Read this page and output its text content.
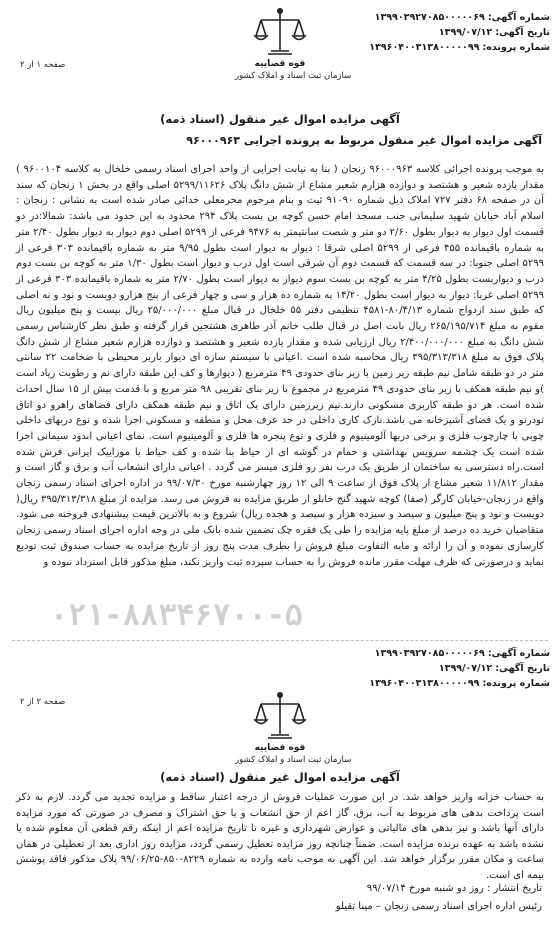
شماره آگهی: ۱۳۹۹۰۳۹۲۷۰۸۵۰۰۰۰۰۶۹
تاریخ آگهی: ۱۳۹۹/۰۷/۱۲
شماره پرونده: ۱۳۹۶۰۴۰۰۳۱۳۸۰۰۰۰۰۹۹
قوه قضاییه
سازمان ثبت اسناد و املاک کشور
صفحه ۱ از ۲
آگهی مزایده اموال غیر منقول (اسناد ذمه)
آگهی مزایده اموال غیر منقول مربوط به پرونده اجرایی ۹۶۰۰۰۹۶۳
به موجب پرونده اجرائی کلاسه ۹۶۰۰۰۹۶۳ زنجان ( بنا به نیابت اجرایی از واحد اجرای اسناد رسمی خلخال به کلاسه ۹۶۰۰۱۰۴ ) مقدار یازده شعیر و هشتصد و دوازده هزارم شعیر مشاع از شش دانگ پلاک ۵۲۹۹/۱۱۶۲۶ اصلی واقع در بخش ۱ زنجان که سند آن در صفحه ۶۸ دفتر ۷۲۷ املاک ذیل شماره ۹۱۰۹۰ ثبت و بنام مرحوم محرمعلی خدائی صادر شده است به نشانی : زنجان : اسلام آباد خیابان شهید سلیمانی جنب مسجد امام حسن کوچه بن بست پلاک ۲۹۴ محدود به این حدود می باشد: شمالا:در دو قسمت اول دیوار به دیوار بطول ۲/۶۰ دو متر و شصت سانتیمتر به ۹۴۷۶ فرعی از ۵۲۹۹ اصلی دوم دیوار به دیوار بطول ۲/۴۰ متر به شماره باقیمانده ۴۵۵ فرعی از ۵۲۹۹ اصلی شرقا : دیوار به دیوار است بطول ۹/۹۵ متر به شماره باقیمانده ۳۰۳ فرعی از ۵۲۹۹ اصلی جنوبا: در سه قسمت که قسمت دوم آن شرقی است اول درب و دیوار است بطول ۱/۳۰ متر به کوچه بن بست دوم درب و دیواربست بطول ۴/۲۵ متر به کوچه بن بست سوم دیوار به دیوار است بطول ۲/۷۰ متر به شماره باقیمانده ۳۰۳ فرعی از ۵۲۹۹ اصلی غربا: دیوار به دیوار است بطول ۱۴/۲۰ به شماره ده هزار و سی و چهار فرعی از پنج هزارو دویست و نود و نه اصلی که طبق سند ازدواج شماره ۸۰/۴/۱۳-۴۵۸۱ تنظیمی دفتر ۵۵ خلخال در قبال مبلغ ۲۵/۰۰۰/۰۰۰ ریال بیست و پنج میلیون ریال مقوم به مبلغ ۲۶۵/۱۹۵/۷۱۴ ریال بابت اصل در قبال طلب خانم آذر طاهری هشتجین قرار گرفته و طبق نظر کارشناس رسمی شش دانگ به مبلغ ۲/۴۰۰/۰۰۰/۰۰۰ ریال ارزیابی شده و مقدار یازده شعیر و هشتصد و دوازده هزارم شعیر مشاع از شش دانگ پلاک فوق به مبلغ ۳۹۵/۳۱۳/۳۱۸ ریال محاسبه شده است .اعیانی با سیستم سازه ای دیوار باربر محیطی با ضخامت ۲۲ سانتی متر در دو طبقه شامل نیم طبقه زیر زمین با زیر بنای حدودی ۴۹ مترمربع ( دیوارها و کف این طبقه دارای نم و رطوبت زیاد است )و نیم طبقه همکف با زیر بنای حدودی ۴۹ مترمربع در مجموع با زیر بنای تقریبی ۹۸ متر مربع و با قدمت بیش از ۱۵ سال احداث شده است. هر دو طبقه کاربری مسکونی دارند.نیم زیرزمین دارای یک اتاق و نیم طبقه همکف دارای فضاهای راهرو دو اتاق تودرتو و یک فضای آشپزخانه می باشد.نازک کاری داخلی در حد عرف محل و منطقه و مسکونی اجرا شده و نوع دربهای داخلی چوبی با چارچوب فلزی و برخی دربها آلومینیوم و فلزی و نوع پنجره ها فلزی و آلومینیوم است. نمای اعیانی اندود سیمانی اجرا شده است یک چشمه سرویس بهداشتی و حمام در گوشه ای از حیاط بنا شده و کف حیاط با موزاییک ایرانی فرش شده است.راه دسترسی به ساختمان از طریق یک درب نفر رو فلزی میسر می گردد . اعیانی دارای انشعاب آب و برق و گاز است و مقدار ۱۱/۸۱۲ شعیر مشاع از پلاک فوق از ساعت ۹ الی ۱۲ روز چهارشنبه مورخ ۹۹/۰۷/۳۰ در اداره اجرای اسناد رسمی زنجان واقع در زنجان-خیابان کارگر (صفا) کوچه شهید گنج خانلو از طریق مزایده به فروش می رسد. مزایده از مبلغ ۳۹۵/۳۱۳/۳۱۸ ریال( دویست و نود و پنج میلیون و سیصد و سیزده هزار و سیصد و هجده ریال) شروع و به بالاترین قیمت پیشنهادی فروخته می شود. متقاضیان خرید ده درصد از مبلغ پایه مزایده را طی یک فقره چک تضمین شده بانک ملی در وجه اداره اجرای اسناد رسمی زنجان کارسازی نموده و آن را ارائه و مابه التفاوت مبلغ فروش را بطرف مدت پنج روز از تاریخ مزایده به حساب صندوق ثبت تودیع نماید و درصورتی که ظرف مهلت مقرر مانده فروش را به حساب سپرده ثبت واریز نکند، مبلغ مذکور قابل استرداد نبوده و
۰۲۱-۸۸۳۴۶۷۰۰-۵
شماره آگهی: ۱۳۹۹۰۳۹۲۷۰۸۵۰۰۰۰۰۶۹
تاریخ آگهی: ۱۳۹۹/۰۷/۱۲
شماره پرونده: ۱۳۹۶۰۴۰۰۳۱۳۸۰۰۰۰۰۹۹
قوه قضاییه
سازمان ثبت اسناد و املاک کشور
صفحه ۲ از ۲
آگهی مزایده اموال غیر منقول (اسناد ذمه)
به حساب خزانه واریز خواهد شد. در این صورت عملیات فروش از درجه اعتبار ساقط و مزایده تجدید می گردد. لازم به ذکر است پرداخت بدهی های مربوط به آب، برق، گاز اعم از حق انشعاب و یا حق اشتراک و مصرف در صورتی که مورد مزایده دارای آنها باشد و نیز بدهی های مالیاتی و عوارض شهرداری و غیره تا تاریخ مزایده اعم از اینکه رقم قطعی آن معلوم شده یا نشده باشد به عهده برنده مزایده است. ضمناً چنانچه روز مزایده تعطیل رسمی گردد، مزایده روز اداری بعد از تعطیلی در همان ساعت و مکان مقرر برگزار خواهد شد. این آگهی به موجب نامه وارده به شماره ۸۲۲۹-۸۵۰-۹۹/۰۶/۲۵ پلاک مذکور فاقد پوشش بیمه ای است.
تاریخ انتشار : روز دو شنبه مورخ ۹۹/۰۷/۱۴
رئیس اداره اجرای اسناد رسمی زنجان – مینا تقیلو
